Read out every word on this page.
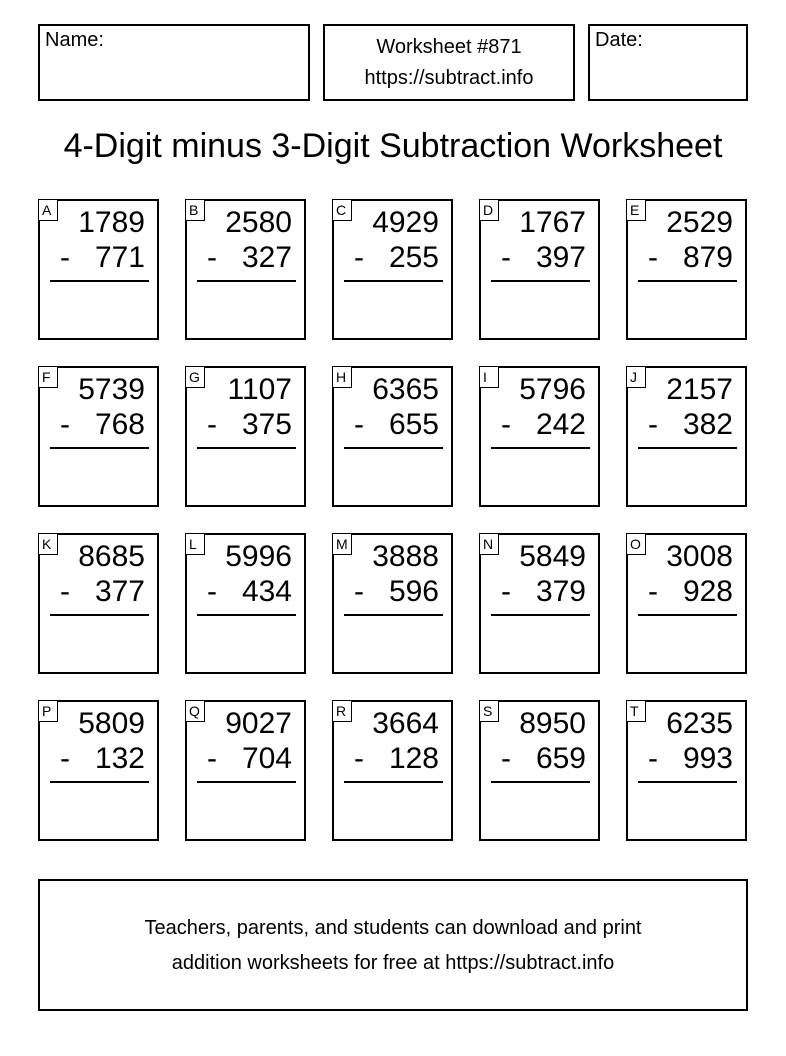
Name:	Worksheet #871
https://subtract.info
Date:
4-Digit minus 3-Digit Subtraction Worksheet
A 1789
- 771
B 2580
- 327
C 4929
- 255
D 1767
- 397
E 2529
- 879
F 5739
- 768
G 1107
- 375
H 6365
- 655
I	5796
- 242
J 2157
- 382
K 8685
- 377
L 5996
- 434
M 3888
- 596
N 5849
- 379
O 3008
- 928
P 5809
- 132
Q 9027
- 704
R 3664
- 128
S 8950
- 659
T 6235
- 993
Teachers, parents, and students can download and print
addition worksheets for free at https://subtract.info
